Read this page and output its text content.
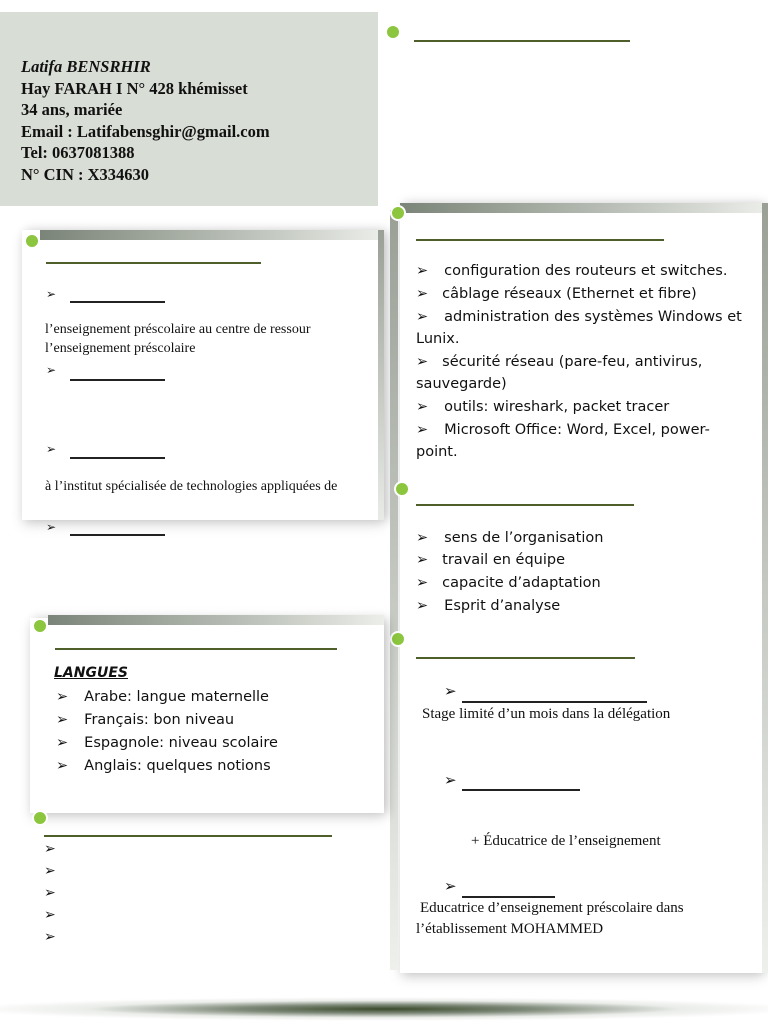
Latifa BENSRHIR
Hay FARAH I N° 428 khémisset
34 ans, mariée
Email : Latifabensghir@gmail.com
Tel: 0637081388
N° CIN : X334630
➢
l’enseignement préscolaire au centre de ressour
l’enseignement préscolaire
➢
➢
à l’institut spécialisée de technologies appliquées de
➢
➢ configuration des routeurs et switches.
➢ câblage réseaux (Ethernet et fibre)
➢ administration des systèmes Windows et
Lunix.
➢ sécurité réseau (pare-feu, antivirus,
sauvegarde)
➢ outils: wireshark, packet tracer
➢ Microsoft Office: Word, Excel, power-
point.
➢ sens de l’organisation
➢ travail en équipe
➢ capacite d’adaptation
➢ Esprit d’analyse
➢
Stage limité d’un mois dans la délégation
➢
+ Éducatrice de l’enseignement
➢
Educatrice d’enseignement préscolaire dans
l’établissement MOHAMMED
LANGUES
➢ Arabe: langue maternelle
➢ Français: bon niveau
➢ Espagnole: niveau scolaire
➢ Anglais: quelques notions
➢
➢
➢
➢
➢
